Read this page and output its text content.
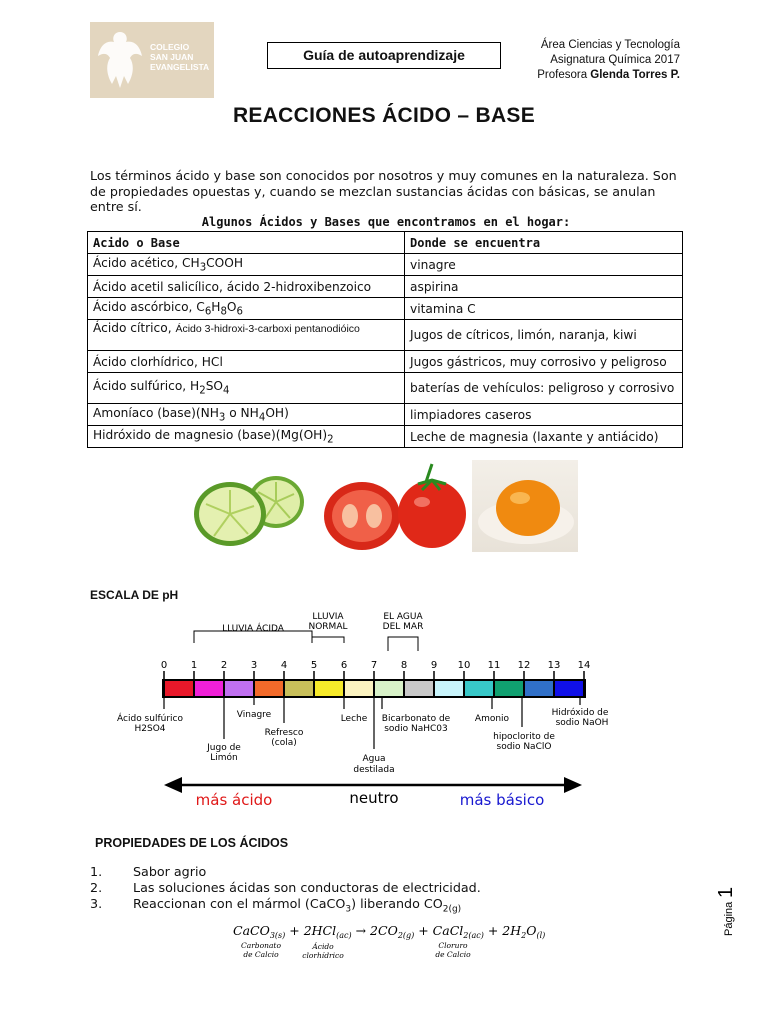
COLEGIO
SAN JUAN
EVANGELISTA
Guía de autoaprendizaje
Área Ciencias y Tecnología
Asignatura Química 2017
Profesora Glenda Torres P.
REACCIONES ÁCIDO – BASE
Los términos ácido y base son conocidos por nosotros y muy comunes en la naturaleza. Son de propiedades opuestas y, cuando se mezclan sustancias ácidas con básicas, se anulan entre sí.
Algunos Ácidos y Bases que encontramos en el hogar:
Acido o Base	Donde se encuentra
Ácido acético, $CH_3COOH$	vinagre
Ácido acetil salicílico, ácido 2-hidroxibenzoico	aspirina
Ácido ascórbico, $C_6H_8O_6$	vitamina C
Ácido cítrico, Ácido 3-hidroxi-3-carboxi pentanodióico	Jugos de cítricos, limón, naranja, kiwi
Ácido clorhídrico, HCl	Jugos gástricos, muy corrosivo y peligroso
Ácido sulfúrico, $H_2SO_4$	baterías de vehículos: peligroso y corrosivo
Amoníaco $(base)(NH_3$ o $NH_4OH$)	limpiadores caseros
Hidróxido de magnesio $(base)(Mg(OH)_2$	Leche de magnesia (laxante y antiácido)
ESCALA DE pH
0 1 2 3 4 5 6 7 8 9 10 11 12 13 14
LLUVIA ÁCIDA
LLUVIA
NORMAL
EL AGUA
DEL MAR
Ácido sulfúrico
H2SO4
Jugo de
Limón
Vinagre
Refresco
(cola)
Leche
Agua
destilada
Bicarbonato de
sodio NaHC03
Amonio
hipoclorito de
sodio NaClO
Hidróxido de
sodio NaOH
más ácido	neutro	más básico
PROPIEDADES DE LOS ÁCIDOS
1.	Sabor agrio
2.	Las soluciones ácidas son conductoras de electricidad.
3.	Reaccionan con el mármol (CaCO$_3$) liberando $CO_{2(g)}$
CaCO$_{3(s)}$ + $2HCl_{(ac)} \to 2CO_{2(g)}$ + CaCl$_{2(ac)}$ + $2H_2O_{(l)}$
Carbonato
de Calcio
Ácido
clorhídrico
Cloruro
de Calcio
Página
1
